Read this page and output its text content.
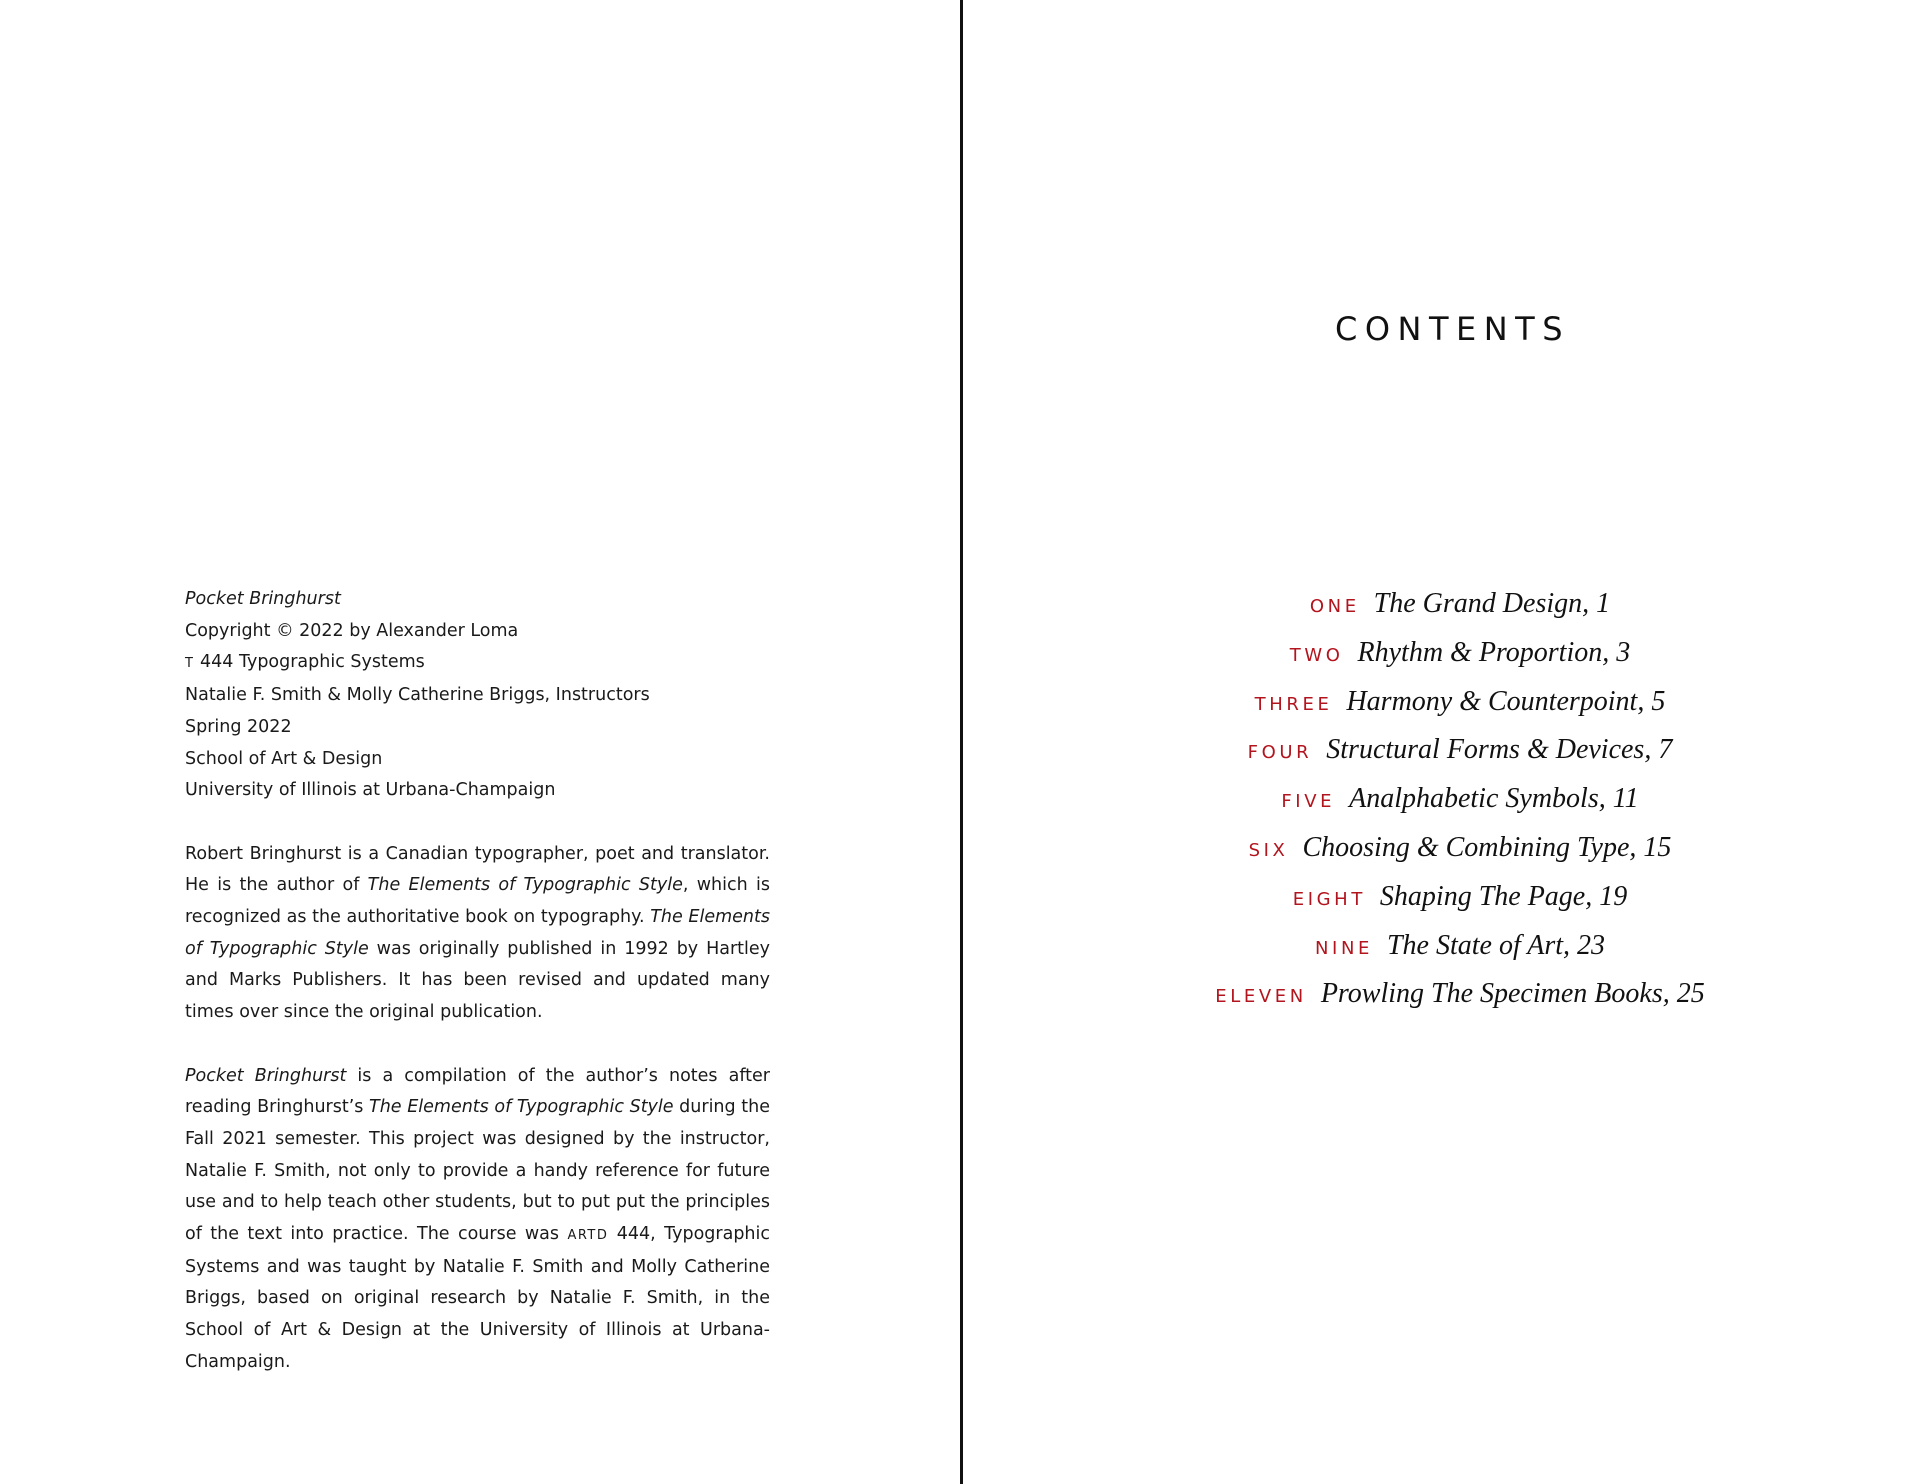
Pocket Bringhurst
Copyright © 2022 by Alexander Loma
T 444 Typographic Systems
Natalie F. Smith & Molly Catherine Briggs, Instructors
Spring 2022
School of Art & Design
University of Illinois at Urbana-Champaign
Robert Bringhurst is a Canadian typographer, poet and translator. He is the author of The Elements of Typographic Style, which is recognized as the authoritative book on typography. The Elements of Typographic Style was originally published in 1992 by Hartley and Marks Publishers. It has been revised and updated many times over since the original publication.
Pocket Bringhurst is a compilation of the author’s notes after reading Bringhurst’s The Elements of Typographic Style during the Fall 2021 semester. This project was designed by the instructor, Natalie F. Smith, not only to provide a handy reference for future use and to help teach other students, but to put put the principles of the text into practice. The course was ARTD 444, Typographic Systems and was taught by Natalie F. Smith and Molly Catherine Briggs, based on original research by Natalie F. Smith, in the School of Art & Design at the University of Illinois at Urbana-Champaign.
CONTENTS
ONE The Grand Design, 1
TWO Rhythm & Proportion, 3
THREE Harmony & Counterpoint, 5
FOUR Structural Forms & Devices, 7
FIVE Analphabetic Symbols, 11
SIX Choosing & Combining Type, 15
EIGHT Shaping The Page, 19
NINE The State of Art, 23
ELEVEN Prowling The Specimen Books, 25
